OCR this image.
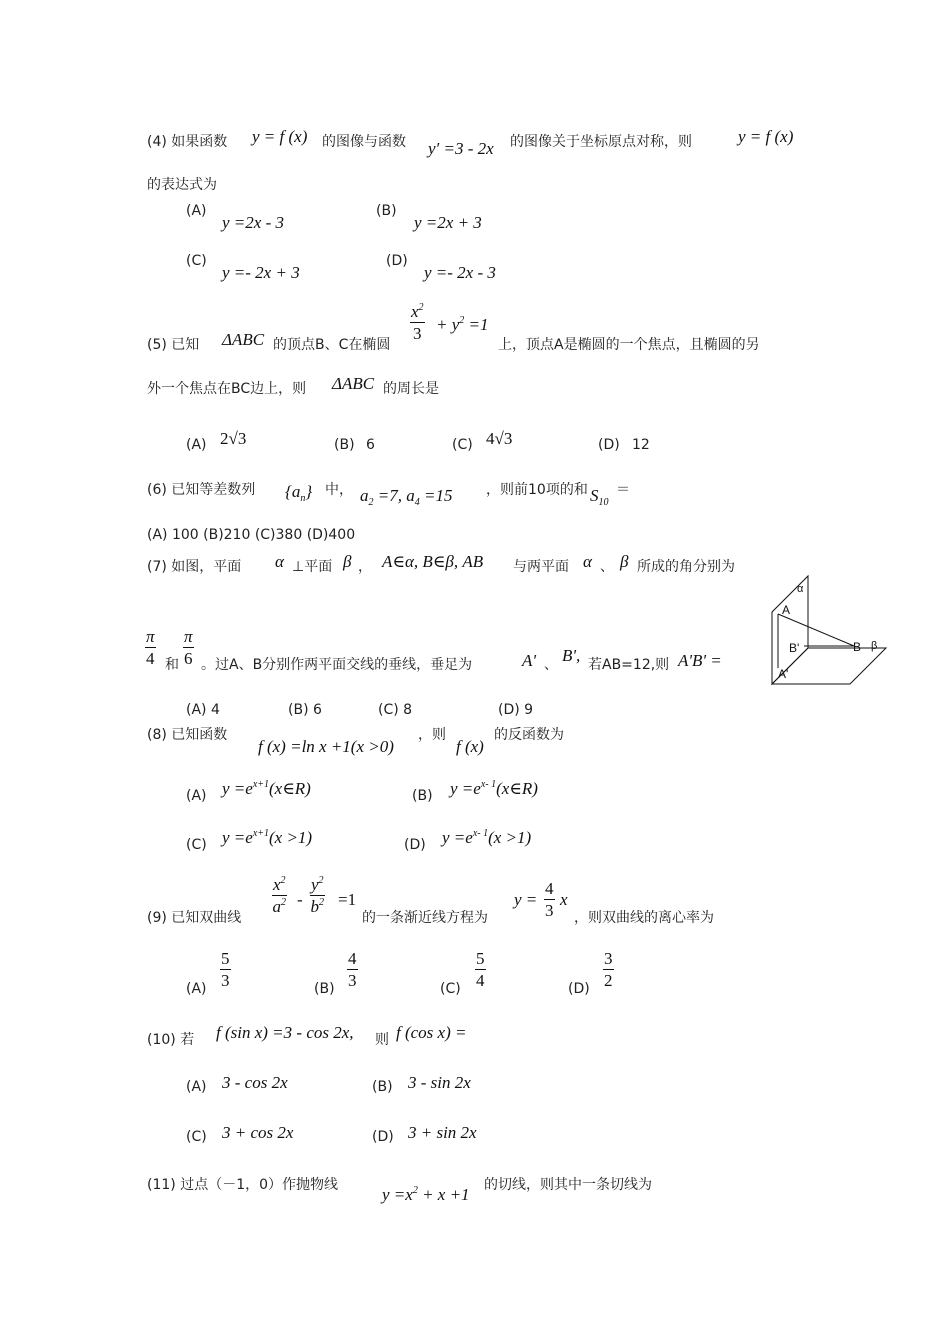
(4) 如果函数 y = f (x) 的图像与函数 y′ =3 - 2x 的图像关于坐标原点对称，则	y = f (x)
的表达式为
(A)
y =2x - 3
(B)
y =2x + 3
(C)
y =- 2x + 3
(D)
y =- 2x - 3
(5) 已知 ΔABC 的顶点B、C在椭圆
$\frac{x^2}{3} + y^2 =1$
上，顶点A是椭圆的一个焦点，且椭圆的另
外一个焦点在BC边上，则 ΔABC 的周长是
(A) 2√3	(B) 6	(C) 4√3	(D) 12
(6) 已知等差数列 $\{a_n\}$ 中， $a_2 =7$, $a_4 =15$ ，则前10项的和 $S_{10}$
＝
(A) 100 (B)210 (C)380 (D)400
(7) 如图，平面 α ⊥平面 β ， A∈α, B∈β, AB 与两平面 α 、 β 所成的角分别为
$\frac{\pi}{4}$ 和 $\frac{\pi}{6}$ 。过A、B分别作两平面交线的垂线，垂足为	A' 、 B', 若AB=12,则 A'B' =
(A) 4	(B) 6	(C) 8	(D) 9
α
A
B β
B'
A'
(8) 已知函数
f (x) =ln x +1(x >0)
，则
f (x)
的反函数为
(A) $y =e^{x+1}(x\in R)$	(B) $y =e^{x- 1}(x\in R)$
(C) $y =e^{x+1}(x >1)$	(D) $y =e^{x- 1}(x >1)$
(9) 已知双曲线
$\frac{x^2}{a^2} - \frac{y^2}{b^2} =1$
的一条渐近线方程为
$y = \frac{4}{3}$ x
，则双曲线的离心率为
$(A) \frac{5}{3}$	$(B) \frac{4}{3}$	$(C) \frac{5}{4}$	$(D) \frac{3}{2}$
(10) 若 f (sin x) =3 - cos 2x, 则 f (cos x) =
(A) 3 - cos 2x	(B) 3 - sin 2x
(C) 3 + cos 2x	(D) 3 + sin 2x
(11) 过点（－1，0）作抛物线	$y =x^2 + x +1$ 的切线，则其中一条切线为
